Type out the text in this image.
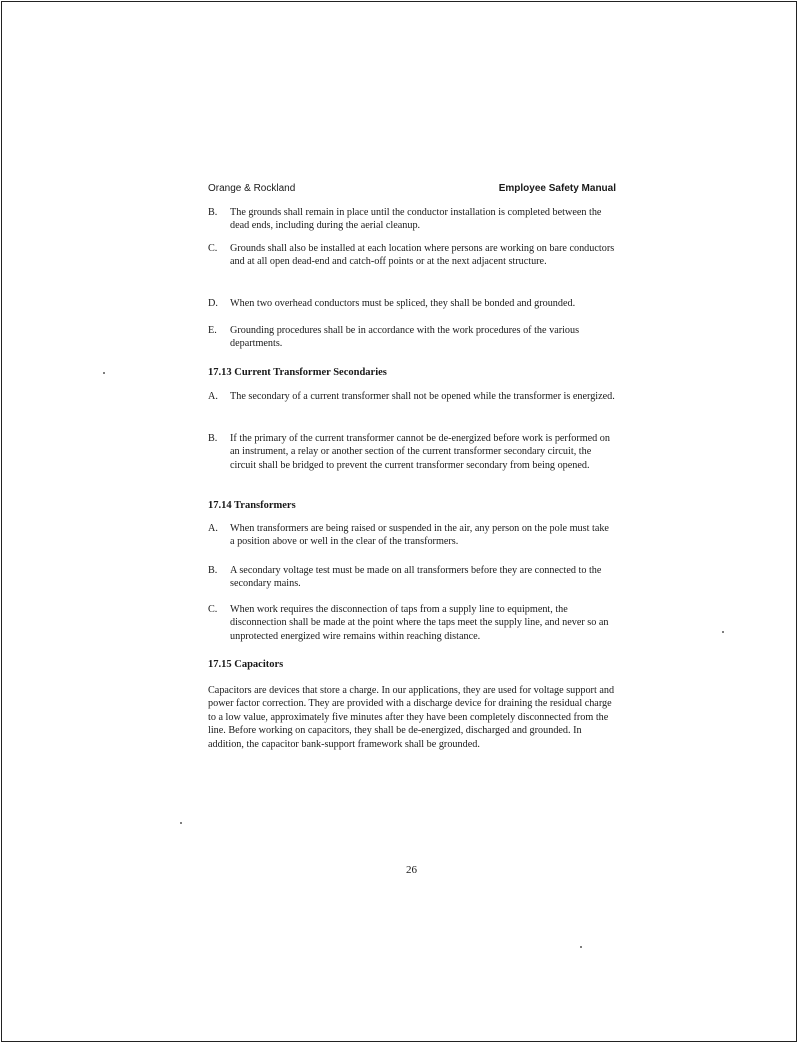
Orange & Rockland	Employee Safety Manual
B. The grounds shall remain in place until the conductor installation is completed between the dead ends, including during the aerial cleanup.
C. Grounds shall also be installed at each location where persons are working on bare conductors and at all open dead-end and catch-off points or at the next adjacent structure.
D. When two overhead conductors must be spliced, they shall be bonded and grounded.
E. Grounding procedures shall be in accordance with the work procedures of the various departments.
17.13 Current Transformer Secondaries
A. The secondary of a current transformer shall not be opened while the transformer is energized.
B. If the primary of the current transformer cannot be de-energized before work is performed on an instrument, a relay or another section of the current transformer secondary circuit, the circuit shall be bridged to prevent the current transformer secondary from being opened.
17.14 Transformers
A. When transformers are being raised or suspended in the air, any person on the pole must take a position above or well in the clear of the transformers.
B. A secondary voltage test must be made on all transformers before they are connected to the secondary mains.
C. When work requires the disconnection of taps from a supply line to equipment, the disconnection shall be made at the point where the taps meet the supply line, and never so an unprotected energized wire remains within reaching distance.
17.15 Capacitors
Capacitors are devices that store a charge. In our applications, they are used for voltage support and power factor correction. They are provided with a discharge device for draining the residual charge to a low value, approximately five minutes after they have been completely disconnected from the line. Before working on capacitors, they shall be de-energized, discharged and grounded. In addition, the capacitor bank-support framework shall be grounded.
26
